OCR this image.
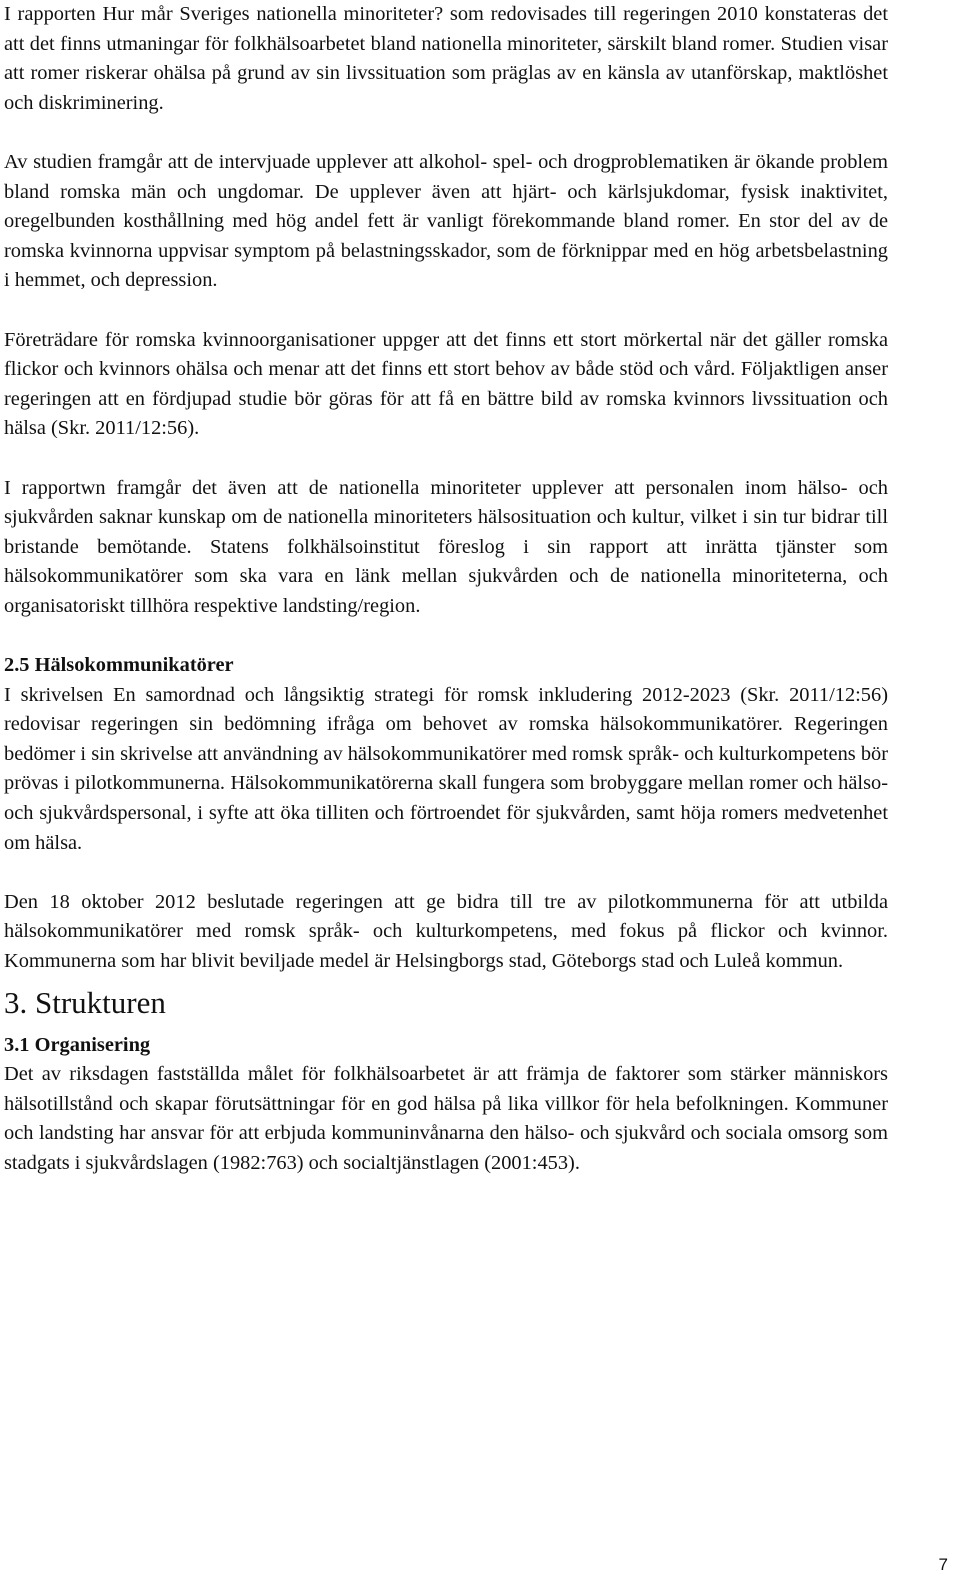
I rapporten Hur mår Sveriges nationella minoriteter? som redovisades till regeringen 2010 konstateras det att det finns utmaningar för folkhälsoarbetet bland nationella minoriteter, särskilt bland romer. Studien visar att romer riskerar ohälsa på grund av sin livssituation som präglas av en känsla av utanförskap, maktlöshet och diskriminering.

Av studien framgår att de intervjuade upplever att alkohol- spel- och drogproblematiken är ökande problem bland romska män och ungdomar. De upplever även att hjärt- och kärlsjukdomar, fysisk inaktivitet, oregelbunden kosthållning med hög andel fett är vanligt förekommande bland romer. En stor del av de romska kvinnorna uppvisar symptom på belastningsskador, som de förknippar med en hög arbetsbelastning i hemmet, och depression.

Företrädare för romska kvinnoorganisationer uppger att det finns ett stort mörkertal när det gäller romska flickor och kvinnors ohälsa och menar att det finns ett stort behov av både stöd och vård. Följaktligen anser regeringen att en fördjupad studie bör göras för att få en bättre bild av romska kvinnors livssituation och hälsa (Skr. 2011/12:56).

I rapportwn framgår det även att de nationella minoriteter upplever att personalen inom hälso- och sjukvården saknar kunskap om de nationella minoriteters hälsosituation och kultur, vilket i sin tur bidrar till bristande bemötande. Statens folkhälsoinstitut föreslog i sin rapport att inrätta tjänster som hälsokommunikatörer som ska vara en länk mellan sjukvården och de nationella minoriteterna, och organisatoriskt tillhöra respektive landsting/region.

2.5 Hälsokommunikatörer

I skrivelsen En samordnad och långsiktig strategi för romsk inkludering 2012-2023 (Skr. 2011/12:56) redovisar regeringen sin bedömning ifråga om behovet av romska hälsokommunikatörer. Regeringen bedömer i sin skrivelse att användning av hälsokommunikatörer med romsk språk- och kulturkompetens bör prövas i pilotkommunerna. Hälsokommunikatörerna skall fungera som brobyggare mellan romer och hälso- och sjukvårdspersonal, i syfte att öka tilliten och förtroendet för sjukvården, samt höja romers medvetenhet om hälsa.

Den 18 oktober 2012 beslutade regeringen att ge bidra till tre av pilotkommunerna för att utbilda hälsokommunikatörer med romsk språk- och kulturkompetens, med fokus på flickor och kvinnor. Kommunerna som har blivit beviljade medel är Helsingborgs stad, Göteborgs stad och Luleå kommun.

3. Strukturen
3.1 Organisering

Det av riksdagen fastställda målet för folkhälsoarbetet är att främja de faktorer som stärker människors hälsotillstånd och skapar förutsättningar för en god hälsa på lika villkor för hela befolkningen. Kommuner och landsting har ansvar för att erbjuda kommuninvånarna den hälso- och sjukvård och sociala omsorg som stadgats i sjukvårdslagen (1982:763) och socialtjänstlagen (2001:453).

7
